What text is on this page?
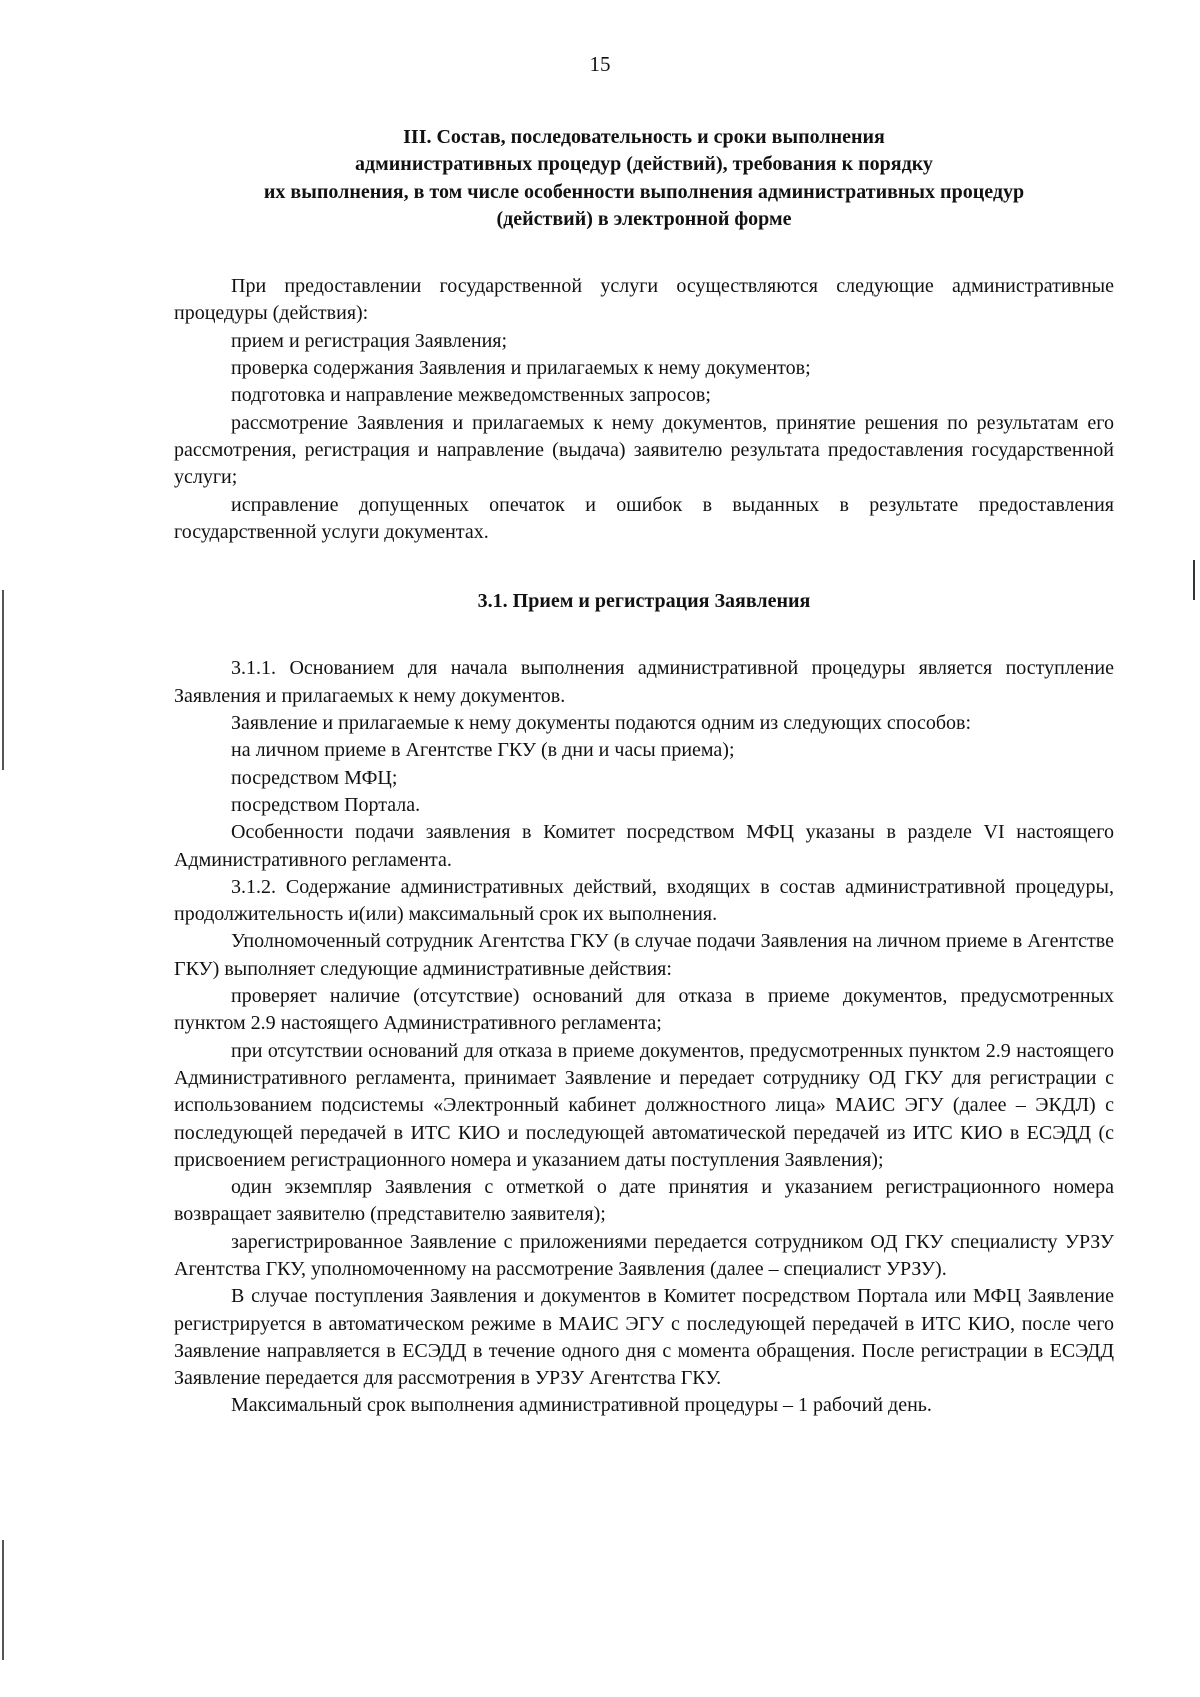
15
III. Состав, последовательность и сроки выполнения
административных процедур (действий), требования к порядку
их выполнения, в том числе особенности выполнения административных процедур
(действий) в электронной форме

При предоставлении государственной услуги осуществляются следующие административные процедуры (действия):

прием и регистрация Заявления;

проверка содержания Заявления и прилагаемых к нему документов;

подготовка и направление межведомственных запросов;

рассмотрение Заявления и прилагаемых к нему документов, принятие решения по результатам его рассмотрения, регистрация и направление (выдача) заявителю результата предоставления государственной услуги;

исправление допущенных опечаток и ошибок в выданных в результате предоставления государственной услуги документах.

3.1. Прием и регистрация Заявления

3.1.1. Основанием для начала выполнения административной процедуры является поступление Заявления и прилагаемых к нему документов.

Заявление и прилагаемые к нему документы подаются одним из следующих способов:

на личном приеме в Агентстве ГКУ (в дни и часы приема);

посредством МФЦ;

посредством Портала.

Особенности подачи заявления в Комитет посредством МФЦ указаны в разделе VI настоящего Административного регламента.

3.1.2. Содержание административных действий, входящих в состав административной процедуры, продолжительность и(или) максимальный срок их выполнения.

Уполномоченный сотрудник Агентства ГКУ (в случае подачи Заявления на личном приеме в Агентстве ГКУ) выполняет следующие административные действия:

проверяет наличие (отсутствие) оснований для отказа в приеме документов, предусмотренных пунктом 2.9 настоящего Административного регламента;

при отсутствии оснований для отказа в приеме документов, предусмотренных пунктом 2.9 настоящего Административного регламента, принимает Заявление и передает сотруднику ОД ГКУ для регистрации с использованием подсистемы «Электронный кабинет должностного лица» МАИС ЭГУ (далее – ЭКДЛ) с последующей передачей в ИТС КИО и последующей автоматической передачей из ИТС КИО в ЕСЭДД (с присвоением регистрационного номера и указанием даты поступления Заявления);

один экземпляр Заявления с отметкой о дате принятия и указанием регистрационного номера возвращает заявителю (представителю заявителя);

зарегистрированное Заявление с приложениями передается сотрудником ОД ГКУ специалисту УРЗУ Агентства ГКУ, уполномоченному на рассмотрение Заявления (далее – специалист УРЗУ).

В случае поступления Заявления и документов в Комитет посредством Портала или МФЦ Заявление регистрируется в автоматическом режиме в МАИС ЭГУ с последующей передачей в ИТС КИО, после чего Заявление направляется в ЕСЭДД в течение одного дня с момента обращения. После регистрации в ЕСЭДД Заявление передается для рассмотрения в УРЗУ Агентства ГКУ.

Максимальный срок выполнения административной процедуры – 1 рабочий день.
